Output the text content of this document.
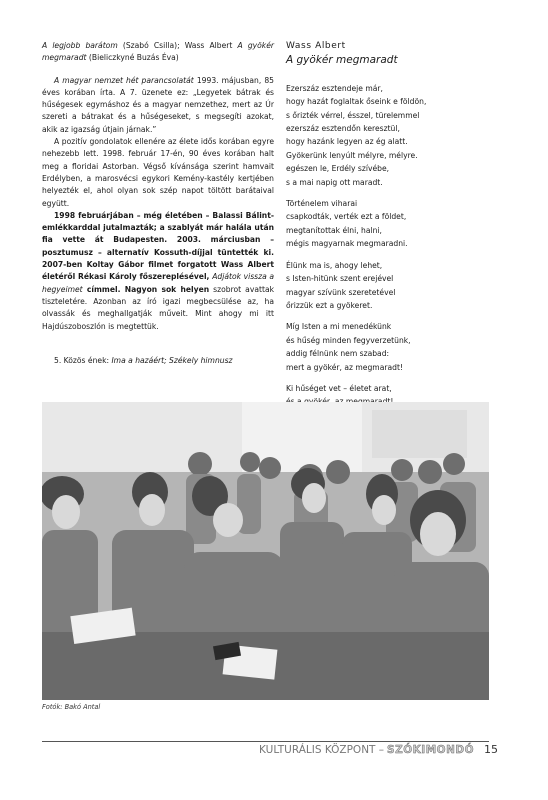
A legjobb barátom (Szabó Csilla); Wass Albert A gyökér megmaradt (Bieliczkyné Buzás Éva)

A magyar nemzet hét parancsolatát 1993. májusban, 85 éves korában írta. A 7. üzenete ez: „Legyetek bátrak és hűségesek egymáshoz és a magyar nemzethez, mert az Úr szereti a bátrakat és a hűségeseket, s megsegíti azokat, akik az igazság útjain járnak.”

A pozitív gondolatok ellenére az élete idős korában egyre nehezebb lett. 1998. február 17-én, 90 éves korában halt meg a floridai Astorban. Végső kívánsága szerint hamvait Erdélyben, a marosvécsi egykori Kemény-kastély kertjében helyezték el, ahol olyan sok szép napot töltött barátaival együtt.

1998 februárjában – még életében – Balassi Bálint-emlékkarddal jutalmazták; a szablyát már halála után fia vette át Budapesten. 2003. márciusban – posztumusz – alternatív Kossuth-díjjal tüntették ki. 2007-ben Koltay Gábor filmet forgatott Wass Albert életéről Rékasi Károly főszereplésével, Adjátok vissza a hegyeimet címmel. Nagyon sok helyen szobrot avattak tiszteletére. Azonban az író igazi megbecsülése az, ha olvassák és meghallgatják műveit. Mint ahogy mi itt Hajdúszoboszlón is megtettük.

5. Közös ének: Ima a hazáért; Székely himnusz

Wass Albert
A gyökér megmaradt
Ezerszáz esztendeje már,
hogy hazát foglaltak őseink e földön,
s őrizték vérrel, ésszel, türelemmel
ezerszáz esztendőn keresztül,
hogy hazánk legyen az ég alatt.
Gyökerünk lenyúlt mélyre, mélyre.
egészen le, Erdély szívébe,
s a mai napig ott maradt.
Történelem viharai
csapkodták, verték ezt a földet,
megtanítottak élni, halni,
mégis magyarnak megmaradni.
Élünk ma is, ahogy lehet,
s Isten-hitünk szent erejével
magyar szívünk szeretetével
őrizzük ezt a gyökeret.
Míg Isten a mi menedékünk
és hűség minden fegyverzetünk,
addig félnünk nem szabad:
mert a gyökér, az megmaradt!
Ki hűséget vet – életet arat,
Fotók: Bakó Antal
KULTURÁLIS KÖZPONT – SZÓKIMONDÓ 15
